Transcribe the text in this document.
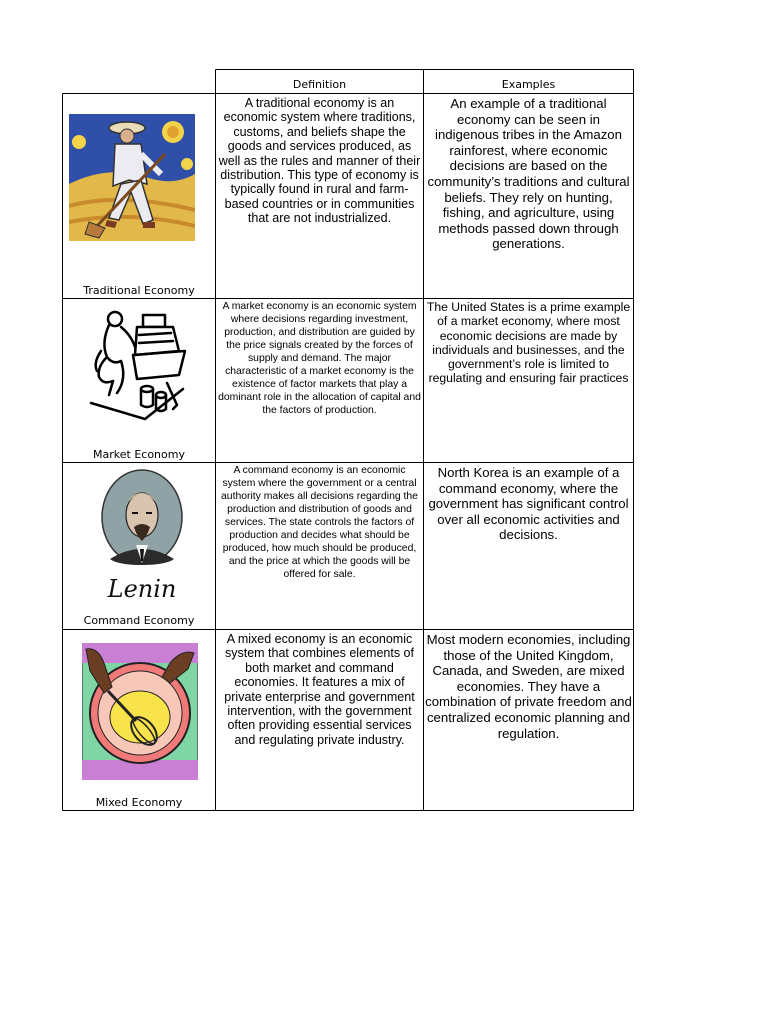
Definition	Examples
Traditional Economy
A traditional economy is an economic system where traditions, customs, and beliefs shape the goods and services produced, as well as the rules and manner of their distribution. This type of economy is typically found in rural and farm-based countries or in communities that are not industrialized.
An example of a traditional economy can be seen in indigenous tribes in the Amazon rainforest, where economic decisions are based on the community’s traditions and cultural beliefs. They rely on hunting, fishing, and agriculture, using methods passed down through generations.
Market Economy
A market economy is an economic system where decisions regarding investment, production, and distribution are guided by the price signals created by the forces of supply and demand. The major characteristic of a market economy is the existence of factor markets that play a dominant role in the allocation of capital and the factors of production.
The United States is a prime example of a market economy, where most economic decisions are made by individuals and businesses, and the government’s role is limited to regulating and ensuring fair practices
Lenin
Command Economy
A command economy is an economic system where the government or a central authority makes all decisions regarding the production and distribution of goods and services. The state controls the factors of production and decides what should be produced, how much should be produced, and the price at which the goods will be offered for sale.
North Korea is an example of a command economy, where the government has significant control over all economic activities and decisions.
Mixed Economy
A mixed economy is an economic system that combines elements of both market and command economies. It features a mix of private enterprise and government intervention, with the government often providing essential services and regulating private industry.
Most modern economies, including those of the United Kingdom, Canada, and Sweden, are mixed economies. They have a combination of private freedom and centralized economic planning and regulation.
